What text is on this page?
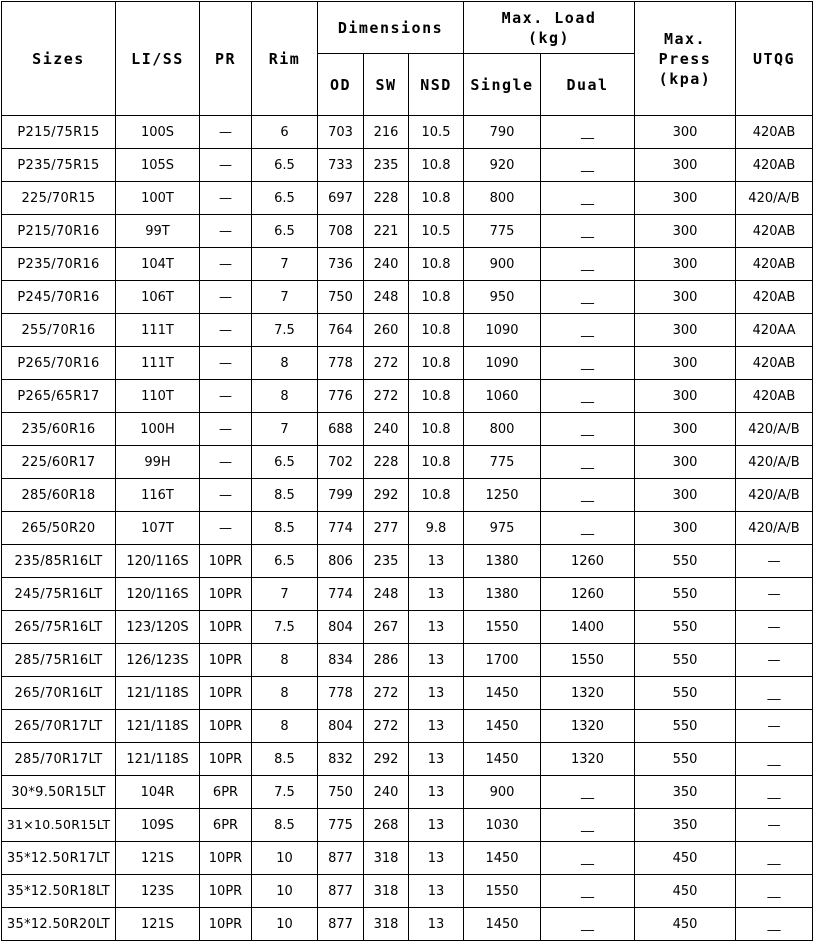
Sizes	LI/SS	PR	Rim	Dimensions			Max. Load (kg)		Max. Press (kpa)	UTQG
				OD	SW	NSD	Single	Dual		
P215/75R15	100S	—	6	703	216	10.5	790	__	300	420AB
P235/75R15	105S	—	6.5	733	235	10.8	920	__	300	420AB
225/70R15	100T	—	6.5	697	228	10.8	800	__	300	420/A/B
P215/70R16	99T	—	6.5	708	221	10.5	775	__	300	420AB
P235/70R16	104T	—	7	736	240	10.8	900	__	300	420AB
P245/70R16	106T	—	7	750	248	10.8	950	__	300	420AB
255/70R16	111T	—	7.5	764	260	10.8	1090	__	300	420AA
P265/70R16	111T	—	8	778	272	10.8	1090	__	300	420AB
P265/65R17	110T	—	8	776	272	10.8	1060	__	300	420AB
235/60R16	100H	—	7	688	240	10.8	800	__	300	420/A/B
225/60R17	99H	—	6.5	702	228	10.8	775	__	300	420/A/B
285/60R18	116T	—	8.5	799	292	10.8	1250	__	300	420/A/B
265/50R20	107T	—	8.5	774	277	9.8	975	__	300	420/A/B
235/85R16LT	120/116S	10PR	6.5	806	235	13	1380	1260	550	—
245/75R16LT	120/116S	10PR	7	774	248	13	1380	1260	550	—
265/75R16LT	123/120S	10PR	7.5	804	267	13	1550	1400	550	—
285/75R16LT	126/123S	10PR	8	834	286	13	1700	1550	550	—
265/70R16LT	121/118S	10PR	8	778	272	13	1450	1320	550	__
265/70R17LT	121/118S	10PR	8	804	272	13	1450	1320	550	—
285/70R17LT	121/118S	10PR	8.5	832	292	13	1450	1320	550	__
30*9.50R15LT	104R	6PR	7.5	750	240	13	900	__	350	__
31×10.50R15LT	109S	6PR	8.5	775	268	13	1030	__	350	—
35*12.50R17LT	121S	10PR	10	877	318	13	1450	__	450	__
35*12.50R18LT	123S	10PR	10	877	318	13	1550	__	450	__
35*12.50R20LT	121S	10PR	10	877	318	13	1450	__	450	__
